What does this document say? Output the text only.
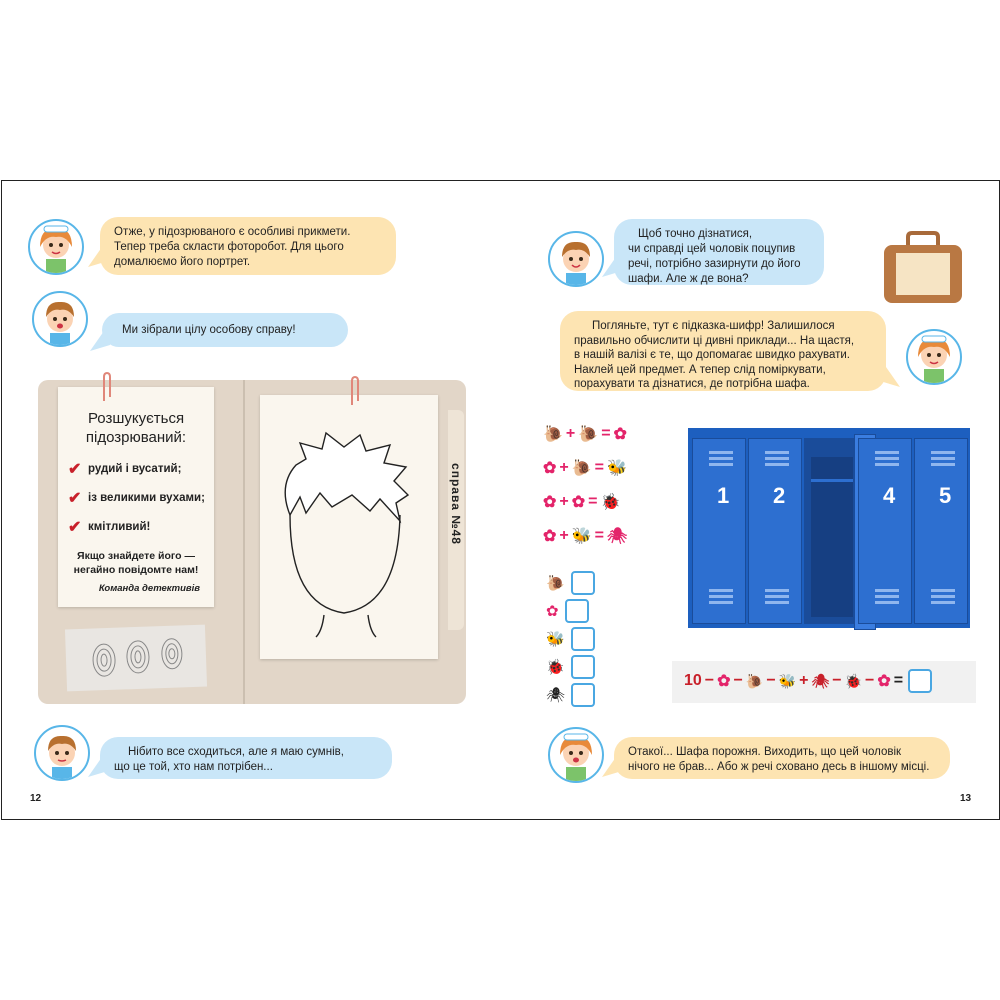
Отже, у підозрюваного є особливі прикмети.
Тепер треба скласти фоторобот. Для цього
домалюємо його портрет.
Ми зібрали цілу особову справу!
Розшукується підозрюваний:
✔ рудий і вусатий;
✔ із великими вухами;
✔ кмітливий!
Якщо знайдете його — негайно повідомте нам!
Команда детективів
справа №48
Нібито все сходиться, але я маю сумнів,
що це той, хто нам потрібен...
12
Щоб точно дізнатися,
чи справді цей чоловік поцупив
речі, потрібно зазирнути до його
шафи. Але ж де вона?
Погляньте, тут є підказка-шифр! Залишилося
правильно обчислити ці дивні приклади... На щастя,
в нашій валізі є те, що допомагає швидко рахувати.
Наклей цей предмет. А тепер слід поміркувати,
порахувати та дізнатися, де потрібна шафа.
🐌 + 🐌 = ✿
✿ + 🐌 = 🐝
✿ + ✿ = 🐞
✿ + 🐝 = 🕷
🐌
✿
🐝
🐞
🕷
1 2	4 5
10 − ✿ − 🐌 − 🐝 + 🕷 − 🐞 − ✿ =
Отакої... Шафа порожня. Виходить, що цей чоловік
нічого не брав... Або ж речі сховано десь в іншому місці.
13
